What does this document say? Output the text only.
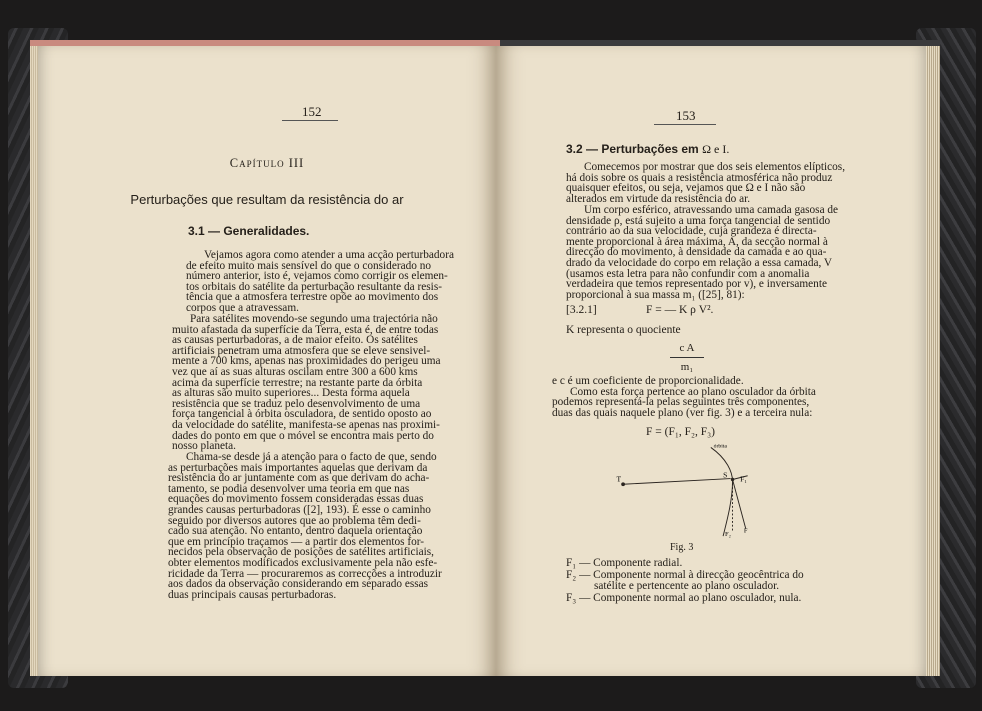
152
Capítulo III
Perturbações que resultam da resistência do ar
3.1 — Generalidades.
Vejamos agora como atender a uma acção perturbadora
de efeito muito mais sensível do que o considerado no
número anterior, isto é, vejamos como corrigir os elemen-
tos orbitais do satélite da perturbação resultante da resis-
tência que a atmosfera terrestre opõe ao movimento dos
corpos que a atravessam.
Para satélites movendo-se segundo uma trajectória não
muito afastada da superfície da Terra, esta é, de entre todas
as causas perturbadoras, a de maior efeito. Os satélites
artificiais penetram uma atmosfera que se eleve sensivel-
mente a 700 kms, apenas nas proximidades do perigeu uma
vez que aí as suas alturas oscilam entre 300 a 600 kms
acima da superfície terrestre; na restante parte da órbita
as alturas são muito superiores... Desta forma aquela
resistência que se traduz pelo desenvolvimento de uma
força tangencial à órbita osculadora, de sentido oposto ao
da velocidade do satélite, manifesta-se apenas nas proximi-
dades do ponto em que o móvel se encontra mais perto do
nosso planeta.
Chama-se desde já a atenção para o facto de que, sendo
as perturbações mais importantes aquelas que derivam da
resistência do ar juntamente com as que derivam do acha-
tamento, se podia desenvolver uma teoria em que nas
equações do movimento fossem consideradas essas duas
grandes causas perturbadoras ([2], 193). É esse o caminho
seguido por diversos autores que ao problema têm dedi-
cado sua atenção. No entanto, dentro daquela orientação
que em princípio traçamos — a partir dos elementos for-
necidos pela observação de posições de satélites artificiais,
obter elementos modificados exclusivamente pela não esfe-
ricidade da Terra — procuraremos as correcções a introduzir
aos dados da observação considerando em separado essas
duas principais causas perturbadoras.
153
3.2 — Perturbações em Ω e I.
Comecemos por mostrar que dos seis elementos elípticos,
há dois sobre os quais a resistência atmosférica não produz
quaisquer efeitos, ou seja, vejamos que Ω e I não são
alterados em virtude da resistência do ar.
Um corpo esférico, atravessando uma camada gasosa de
densidade ρ, está sujeito a uma força tangencial de sentido
contrário ao da sua velocidade, cuja grandeza é directa-
mente proporcional à área máxima, A, da secção normal à
direcção do movimento, à densidade da camada e ao qua-
drado da velocidade do corpo em relação a essa camada, V
(usamos esta letra para não confundir com a anomalia
verdadeira que temos representado por v), e inversamente
proporcional à sua massa m₁ ([25], 81):
[3.2.1]	F = — K ρ V².
K representa o quociente
c A
m₁
e c é um coeficiente de proporcionalidade.
Como esta força pertence ao plano osculador da órbita
podemos representá-la pelas seguintes três componentes,
duas das quais naquele plano (ver fig. 3) e a terceira nula:
F = (F₁, F₂, F₃)
T	S F₁
F₂
F
órbita
Fig. 3
F₁ — Componente radial.
F₂ — Componente normal à direcção geocêntrica do
satélite e pertencente ao plano osculador.
F₃ — Componente normal ao plano osculador, nula.
